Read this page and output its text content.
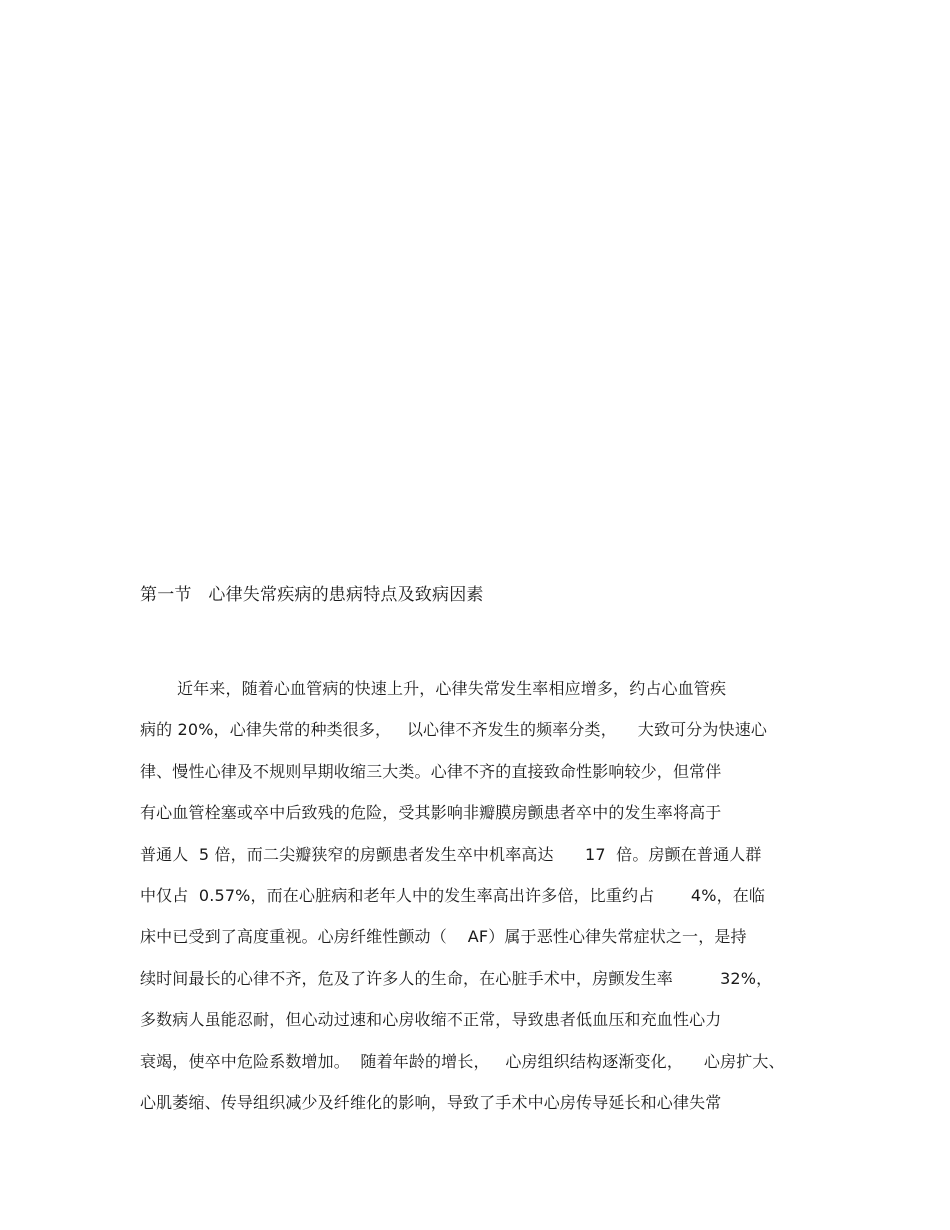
第一节   心律失常疾病的患病特点及致病因素
近年来，随着心血管病的快速上升，心律失常发生率相应增多，约占心血管疾
病的 20%，心律失常的种类很多，   以心律不齐发生的频率分类，    大致可分为快速心
律、慢性心律及不规则早期收缩三大类。心律不齐的直接致命性影响较少，但常伴
有心血管栓塞或卒中后致残的危险，受其影响非瓣膜房颤患者卒中的发生率将高于
普通人  5 倍，而二尖瓣狭窄的房颤患者发生卒中机率高达      17  倍。房颤在普通人群
中仅占  0.57%，而在心脏病和老年人中的发生率高出许多倍，比重约占       4%，在临
床中已受到了高度重视。心房纤维性颤动（    AF）属于恶性心律失常症状之一，是持
续时间最长的心律不齐，危及了许多人的生命，在心脏手术中，房颤发生率         32%，
多数病人虽能忍耐，但心动过速和心房收缩不正常，导致患者低血压和充血性心力
衰竭，使卒中危险系数增加。  随着年龄的增长，   心房组织结构逐渐变化，    心房扩大、
心肌萎缩、传导组织减少及纤维化的影响，导致了手术中心房传导延长和心律失常
